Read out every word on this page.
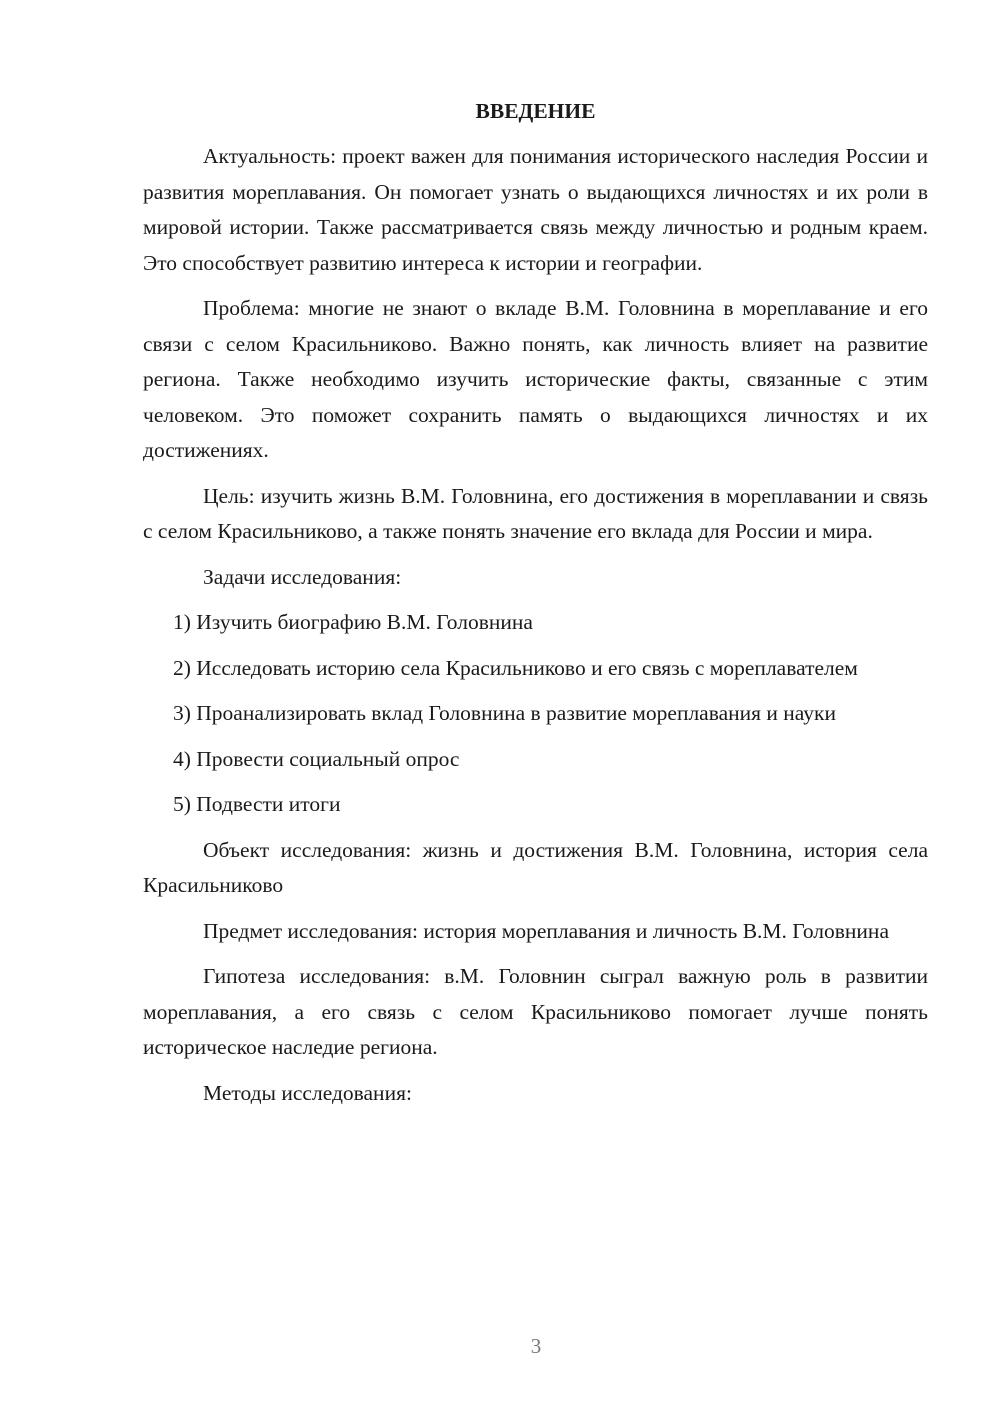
ВВЕДЕНИЕ

Актуальность: проект важен для понимания исторического наследия России и развития мореплавания. Он помогает узнать о выдающихся личностях и их роли в мировой истории. Также рассматривается связь между личностью и родным краем. Это способствует развитию интереса к истории и географии.

Проблема: многие не знают о вкладе В.М. Головнина в мореплавание и его связи с селом Красильниково. Важно понять, как личность влияет на развитие региона. Также необходимо изучить исторические факты, связанные с этим человеком. Это поможет сохранить память о выдающихся личностях и их достижениях.

Цель: изучить жизнь В.М. Головнина, его достижения в мореплавании и связь с селом Красильниково, а также понять значение его вклада для России и мира.

Задачи исследования:

1) Изучить биографию В.М. Головнина

2) Исследовать историю села Красильниково и его связь с мореплавателем

3) Проанализировать вклад Головнина в развитие мореплавания и науки

4) Провести социальный опрос

5) Подвести итоги

Объект исследования: жизнь и достижения В.М. Головнина, история села Красильниково

Предмет исследования: история мореплавания и личность В.М. Головнина

Гипотеза исследования: в.М. Головнин сыграл важную роль в развитии мореплавания, а его связь с селом Красильниково помогает лучше понять историческое наследие региона.

Методы исследования:

3
